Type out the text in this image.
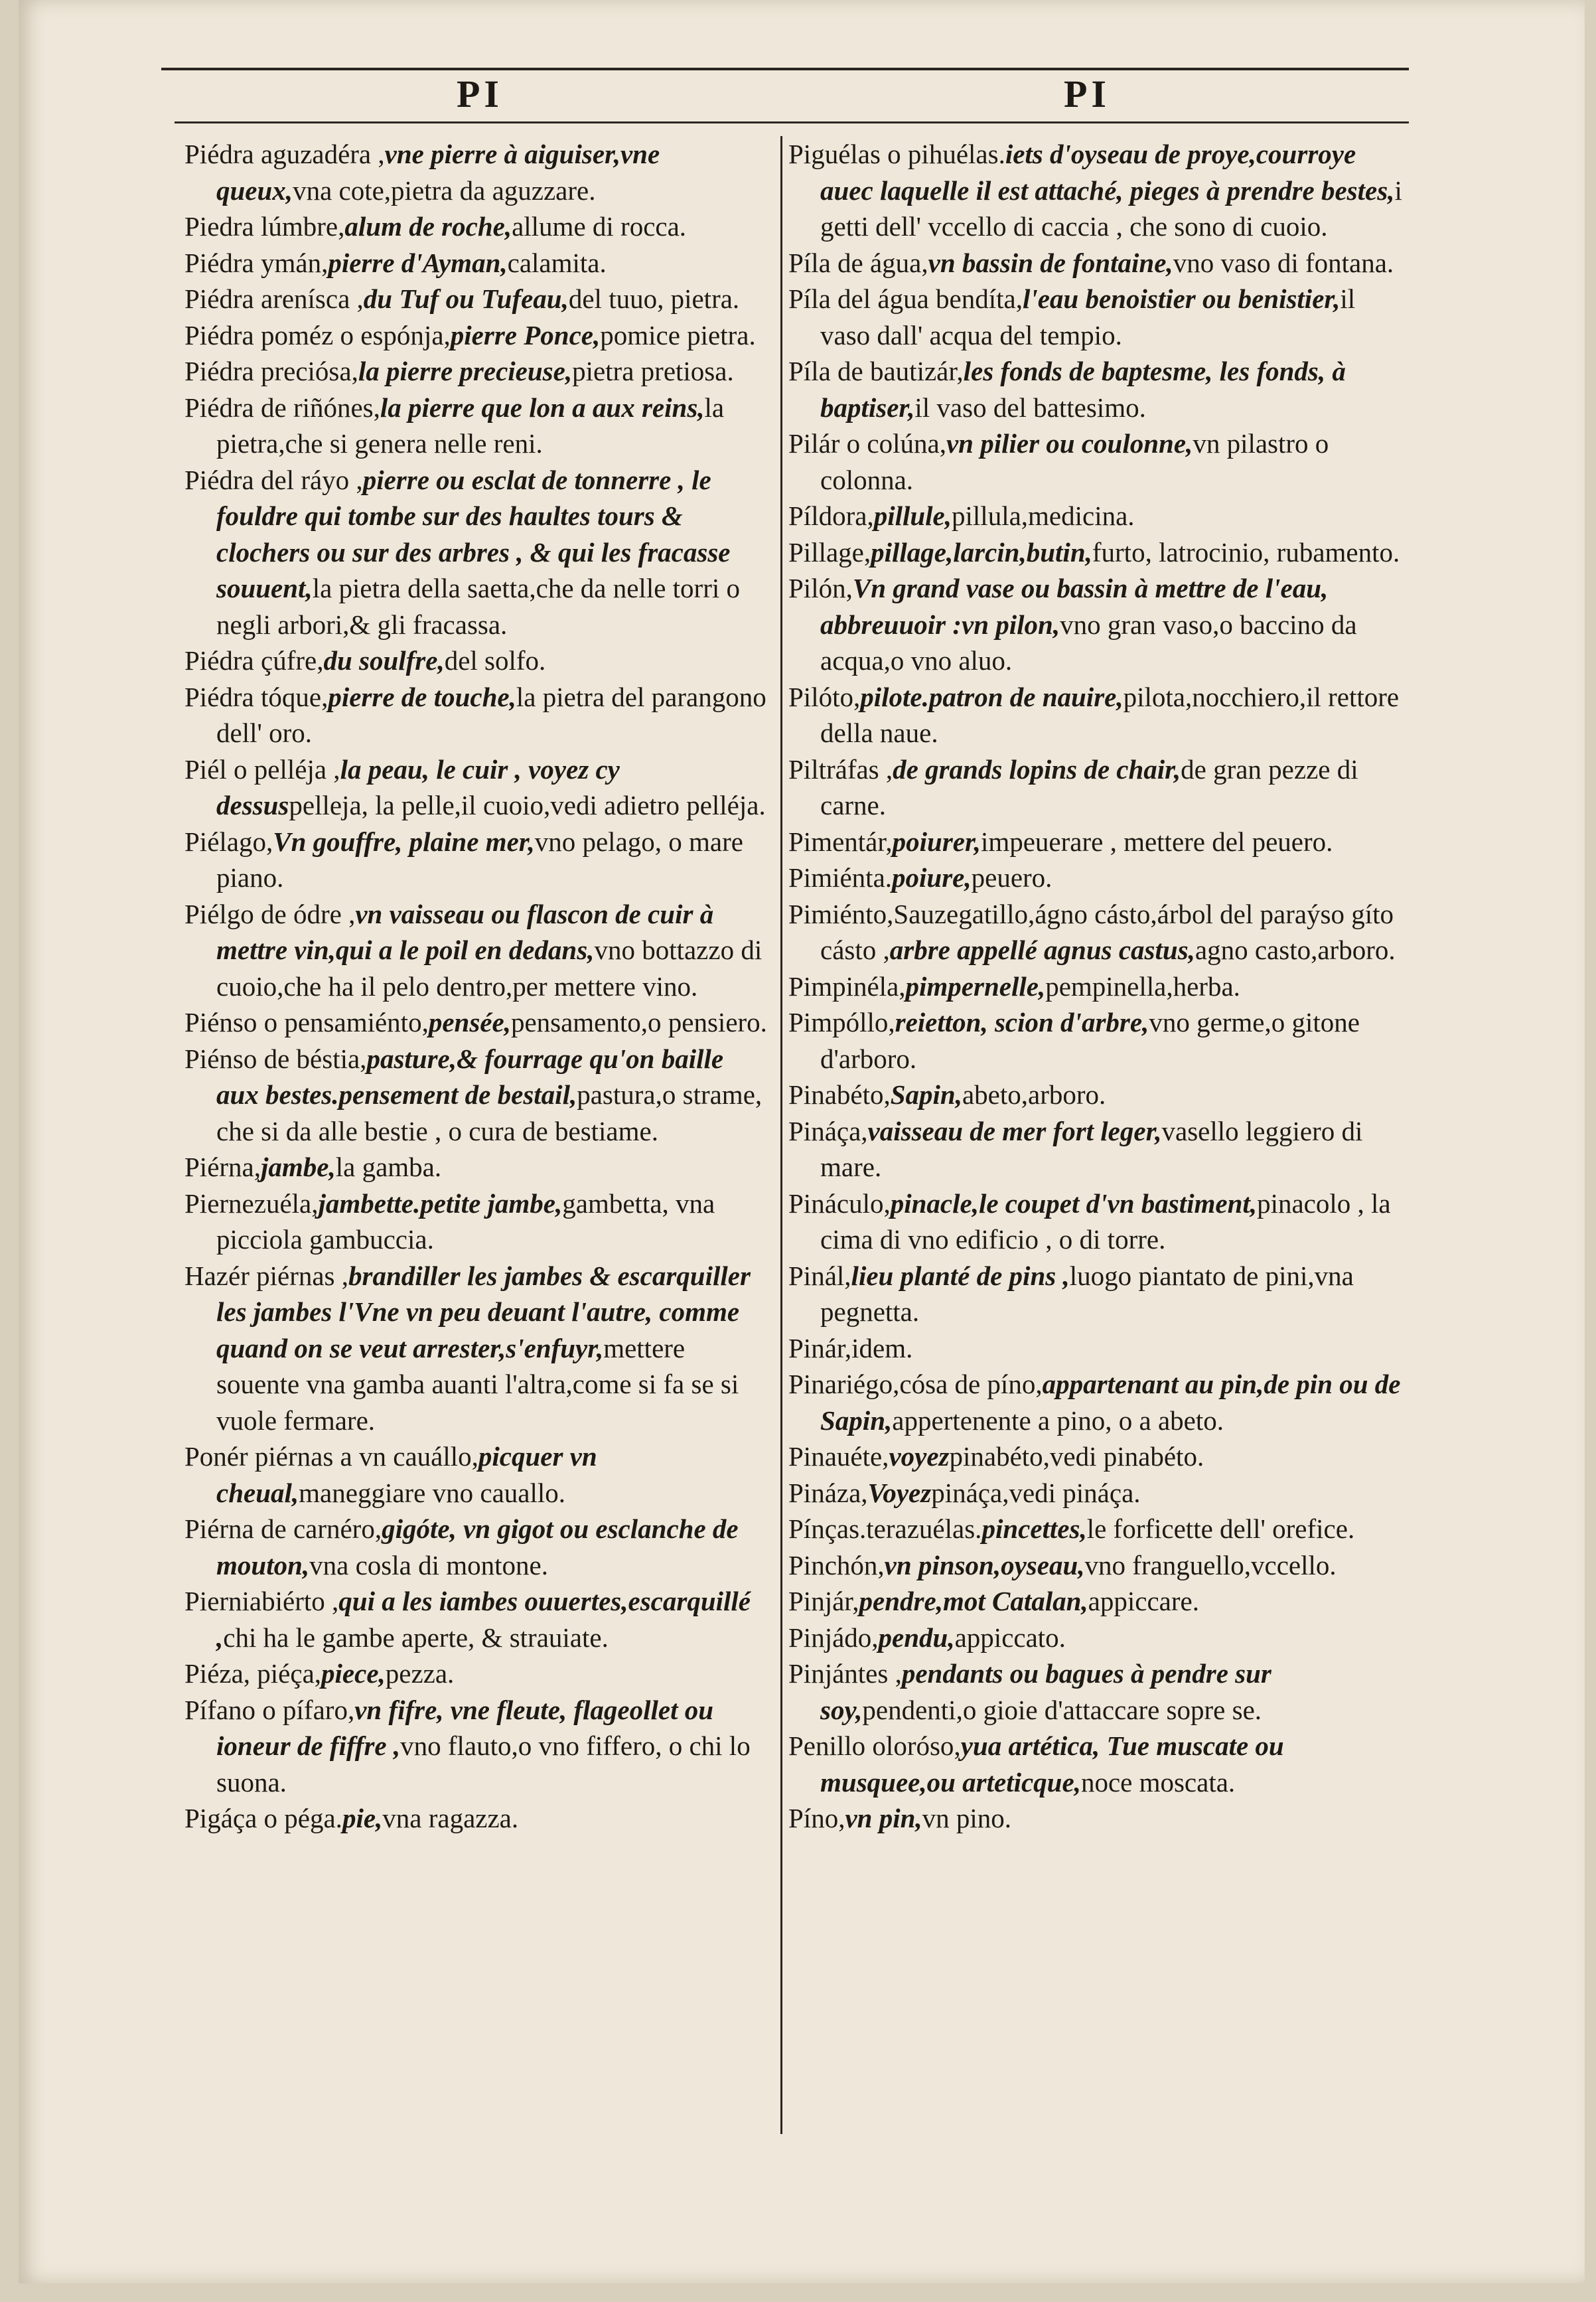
PI	PI

Piédra aguzadéra ,vne pierre à aiguiser,vne queux,vna cote,pietra da aguzzare.

Piedra lúmbre,alum de roche,allume di rocca.

Piédra ymán,pierre d'Ayman,calamita.

Piédra arenísca ,du Tuf ou Tufeau,del tuuo, pietra.

Piédra poméz o espónja,pierre Ponce,pomice pietra.

Piédra preciósa,la pierre precieuse,pietra pretiosa.

Piédra de riñónes,la pierre que lon a aux reins,la pietra,che si genera nelle reni.

Piédra del ráyo ,pierre ou esclat de tonnerre , le fouldre qui tombe sur des haultes tours & clochers ou sur des arbres , & qui les fracasse souuent,la pietra della saetta,che da nelle torri o negli arbori,& gli fracassa.

Piédra çúfre,du soulfre,del solfo.

Piédra tóque,pierre de touche,la pietra del parangono dell' oro.

Piél o pelléja ,la peau, le cuir , voyez cy dessuspelleja, la pelle,il cuoio,vedi adietro pelléja.

Piélago,Vn gouffre, plaine mer,vno pelago, o mare piano.

Piélgo de ódre ,vn vaisseau ou flascon de cuir à mettre vin,qui a le poil en dedans,vno bottazzo di cuoio,che ha il pelo dentro,per mettere vino.

Piénso o pensamiénto,pensée,pensamento,o pensiero.

Piénso de béstia,pasture,& fourrage qu'on baille aux bestes.pensement de bestail,pastura,o strame, che si da alle bestie , o cura de bestiame.

Piérna,jambe,la gamba.

Piernezuéla,jambette.petite jambe,gambetta, vna picciola gambuccia.

Hazér piérnas ,brandiller les jambes & escarquiller les jambes l'Vne vn peu deuant l'autre, comme quand on se veut arrester,s'enfuyr,mettere souente vna gamba auanti l'altra,come si fa se si vuole fermare.

Ponér piérnas a vn cauállo,picquer vn cheual,maneggiare vno cauallo.

Piérna de carnéro,gigóte, vn gigot ou esclanche de mouton,vna cosla di montone.

Pierniabiérto ,qui a les iambes ouuertes,escarquillé ,chi ha le gambe aperte, & strauiate.

Piéza, piéça,piece,pezza.

Pífano o pífaro,vn fifre, vne fleute, flageollet ou ioneur de fiffre ,vno flauto,o vno fiffero, o chi lo suona.

Pigáça o péga.pie,vna ragazza.

Piguélas o pihuélas.iets d'oyseau de proye,courroye auec laquelle il est attaché, pieges à prendre bestes,i getti dell' vccello di caccia , che sono di cuoio.

Píla de água,vn bassin de fontaine,vno vaso di fontana.

Píla del água bendíta,l'eau benoistier ou benistier,il vaso dall' acqua del tempio.

Píla de bautizár,les fonds de baptesme, les fonds, à baptiser,il vaso del battesimo.

Pilár o colúna,vn pilier ou coulonne,vn pilastro o colonna.

Píldora,pillule,pillula,medicina.

Pillage,pillage,larcin,butin,furto, latrocinio, rubamento.

Pilón,Vn grand vase ou bassin à mettre de l'eau, abbreuuoir :vn pilon,vno gran vaso,o baccino da acqua,o vno aluo.

Pilóto,pilote.patron de nauire,pilota,nocchiero,il rettore della naue.

Piltráfas ,de grands lopins de chair,de gran pezze di carne.

Pimentár,poiurer,impeuerare , mettere del peuero.

Pimiénta.poiure,peuero.

Pimiénto,Sauzegatillo,ágno cásto,árbol del paraýso gíto cásto ,arbre appellé agnus castus,agno casto,arboro.

Pimpinéla,pimpernelle,pempinella,herba.

Pimpóllo,reietton, scion d'arbre,vno germe,o gitone d'arboro.

Pinabéto,Sapin,abeto,arboro.

Pináça,vaisseau de mer fort leger,vasello leggiero di mare.

Pináculo,pinacle,le coupet d'vn bastiment,pinacolo , la cima di vno edificio , o di torre.

Pinál,lieu planté de pins ,luogo piantato de pini,vna pegnetta.

Pinár,idem.

Pinariégo,cósa de píno,appartenant au pin,de pin ou de Sapin,appertenente a pino, o a abeto.

Pinauéte,voyezpinabéto,vedi pinabéto.

Pináza,Voyezpináça,vedi pináça.

Pínças.terazuélas.pincettes,le forficette dell' orefice.

Pinchón,vn pinson,oyseau,vno franguello,vccello.

Pinjár,pendre,mot Catalan,appiccare.

Pinjádo,pendu,appiccato.

Pinjántes ,pendants ou bagues à pendre sur soy,pendenti,o gioie d'attaccare sopre se.

Penillo oloróso,yua artética, Tue muscate ou musquee,ou arteticque,noce moscata.

Píno,vn pin,vn pino.
